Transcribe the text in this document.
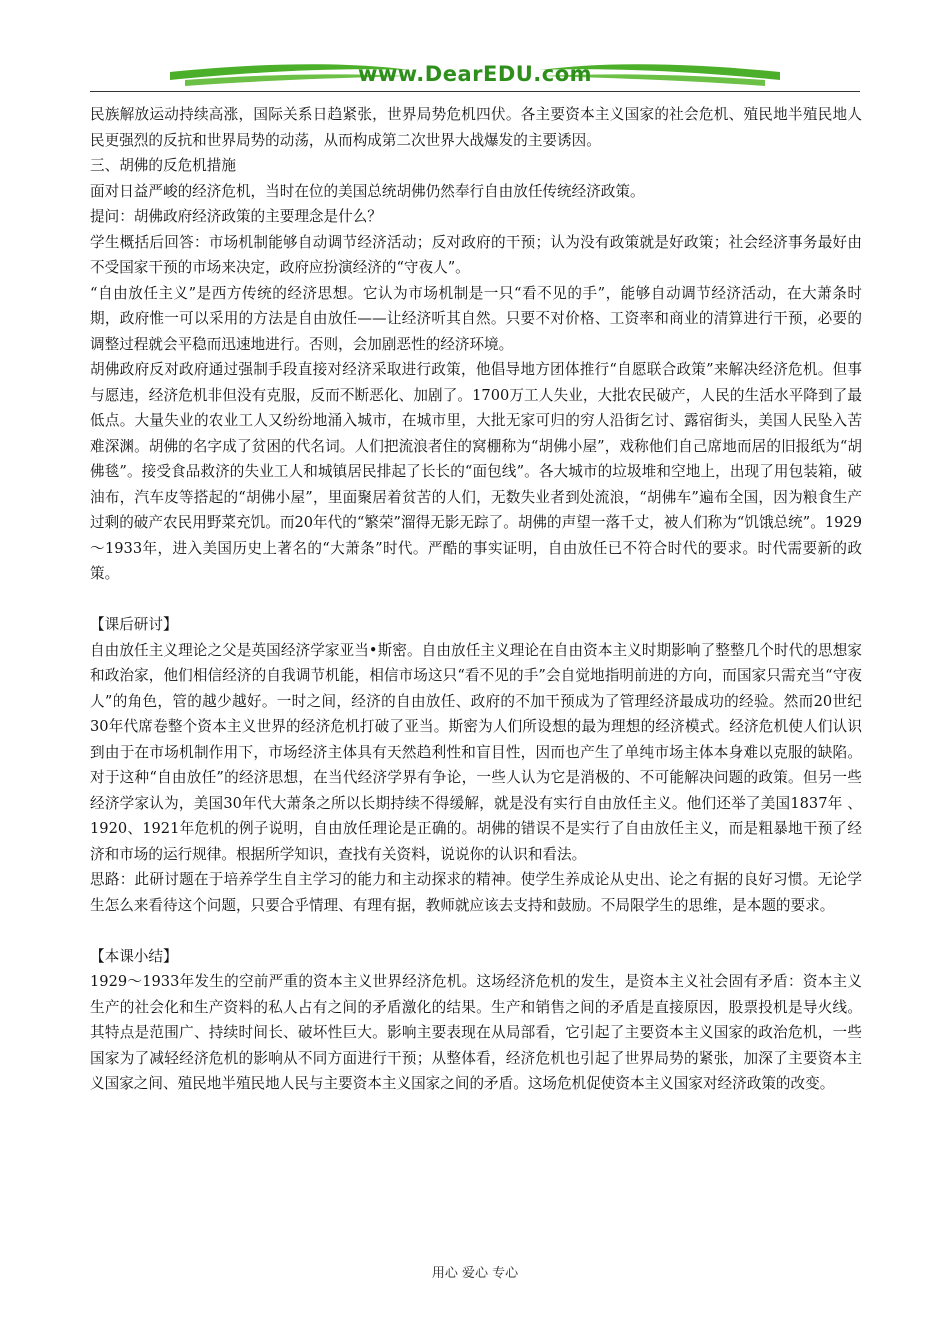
www.DearEDU.com

民族解放运动持续高涨，国际关系日趋紧张，世界局势危机四伏。各主要资本主义国家的社会危机、殖民地半殖民地人民更强烈的反抗和世界局势的动荡，从而构成第二次世界大战爆发的主要诱因。

三、胡佛的反危机措施

面对日益严峻的经济危机，当时在位的美国总统胡佛仍然奉行自由放任传统经济政策。

提问：胡佛政府经济政策的主要理念是什么？

学生概括后回答：市场机制能够自动调节经济活动；反对政府的干预；认为没有政策就是好政策；社会经济事务最好由不受国家干预的市场来决定，政府应扮演经济的“守夜人”。

“自由放任主义”是西方传统的经济思想。它认为市场机制是一只“看不见的手”，能够自动调节经济活动，在大萧条时期，政府惟一可以采用的方法是自由放任——让经济听其自然。只要不对价格、工资率和商业的清算进行干预，必要的调整过程就会平稳而迅速地进行。否则，会加剧恶性的经济环境。

胡佛政府反对政府通过强制手段直接对经济采取进行政策，他倡导地方团体推行“自愿联合政策”来解决经济危机。但事与愿违，经济危机非但没有克服，反而不断恶化、加剧了。1700万工人失业，大批农民破产，人民的生活水平降到了最低点。大量失业的农业工人又纷纷地涌入城市，在城市里，大批无家可归的穷人沿街乞讨、露宿街头，美国人民坠入苦难深渊。胡佛的名字成了贫困的代名词。人们把流浪者住的窝棚称为“胡佛小屋”，戏称他们自己席地而居的旧报纸为“胡佛毯”。接受食品救济的失业工人和城镇居民排起了长长的“面包线”。各大城市的垃圾堆和空地上，出现了用包装箱，破油布，汽车皮等搭起的“胡佛小屋”，里面聚居着贫苦的人们，无数失业者到处流浪，“胡佛车”遍布全国，因为粮食生产过剩的破产农民用野菜充饥。而20年代的“繁荣”溜得无影无踪了。胡佛的声望一落千丈，被人们称为“饥饿总统”。1929～1933年，进入美国历史上著名的“大萧条”时代。严酷的事实证明，自由放任已不符合时代的要求。时代需要新的政策。

【课后研讨】

自由放任主义理论之父是英国经济学家亚当•斯密。自由放任主义理论在自由资本主义时期影响了整整几个时代的思想家和政治家，他们相信经济的自我调节机能，相信市场这只“看不见的手”会自觉地指明前进的方向，而国家只需充当“守夜人”的角色，管的越少越好。一时之间，经济的自由放任、政府的不加干预成为了管理经济最成功的经验。然而20世纪30年代席卷整个资本主义世界的经济危机打破了亚当。斯密为人们所设想的最为理想的经济模式。经济危机使人们认识到由于在市场机制作用下，市场经济主体具有天然趋利性和盲目性，因而也产生了单纯市场主体本身难以克服的缺陷。对于这种“自由放任”的经济思想，在当代经济学界有争论，一些人认为它是消极的、不可能解决问题的政策。但另一些经济学家认为，美国30年代大萧条之所以长期持续不得缓解，就是没有实行自由放任主义。他们还举了美国1837年 、1920、1921年危机的例子说明，自由放任理论是正确的。胡佛的错误不是实行了自由放任主义，而是粗暴地干预了经济和市场的运行规律。根据所学知识，查找有关资料，说说你的认识和看法。

思路：此研讨题在于培养学生自主学习的能力和主动探求的精神。使学生养成论从史出、论之有据的良好习惯。无论学生怎么来看待这个问题，只要合乎情理、有理有据，教师就应该去支持和鼓励。不局限学生的思维，是本题的要求。

【本课小结】

1929～1933年发生的空前严重的资本主义世界经济危机。这场经济危机的发生，是资本主义社会固有矛盾：资本主义生产的社会化和生产资料的私人占有之间的矛盾激化的结果。生产和销售之间的矛盾是直接原因，股票投机是导火线。其特点是范围广、持续时间长、破坏性巨大。影响主要表现在从局部看，它引起了主要资本主义国家的政治危机，一些国家为了减轻经济危机的影响从不同方面进行干预；从整体看，经济危机也引起了世界局势的紧张，加深了主要资本主义国家之间、殖民地半殖民地人民与主要资本主义国家之间的矛盾。这场危机促使资本主义国家对经济政策的改变。

用心 爱心 专心
